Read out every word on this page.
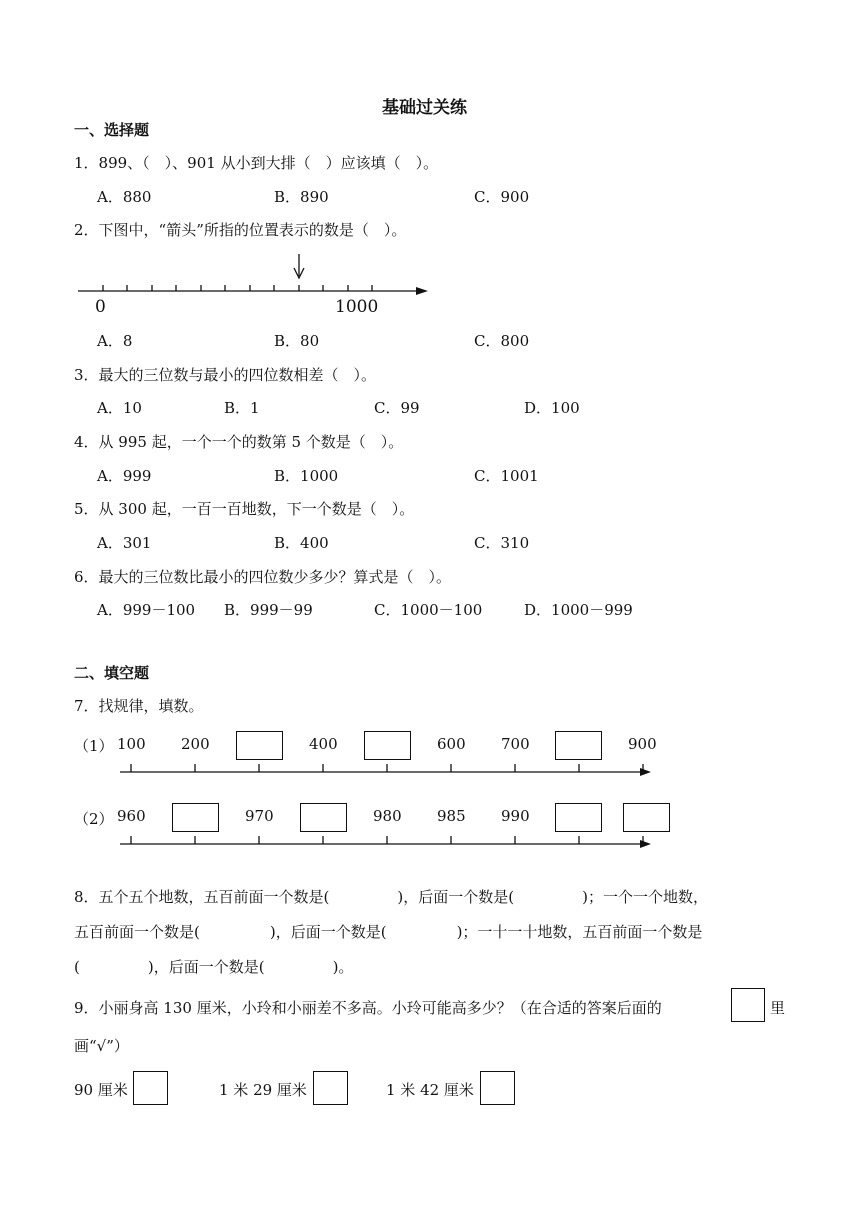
基础过关练
一、选择题
1．899、（　）、901 从小到大排（　）应该填（　）。
A．880	B．890	C．900
2．下图中，“箭头”所指的位置表示的数是（　）。
0	1000
A．8	B．80	C．800
3．最大的三位数与最小的四位数相差（　）。
A．10	B．1	C．99	D．100
4．从 995 起，一个一个的数第 5 个数是（　）。
A．999	B．1000	C．1001
5．从 300 起，一百一百地数，下一个数是（　）。
A．301	B．400	C．310
6．最大的三位数比最小的四位数少多少？算式是（　）。
A．999－100 B．999－99	C．1000－100	D．1000－999
二、填空题
7．找规律，填数。
（1） 100 200	400	600 700	900
（2） 960	970	980 985 990
8．五个五个地数，五百前面一个数是(	)，后面一个数是(	)；一个一个地数，
五百前面一个数是(	)，后面一个数是(	)；一十一十地数，五百前面一个数是
(	)，后面一个数是(	)。
9．小丽身高 130 厘米，小玲和小丽差不多高。小玲可能高多少？（在合适的答案后面的	里
画“√”）
90 厘米	1 米 29 厘米	1 米 42 厘米
